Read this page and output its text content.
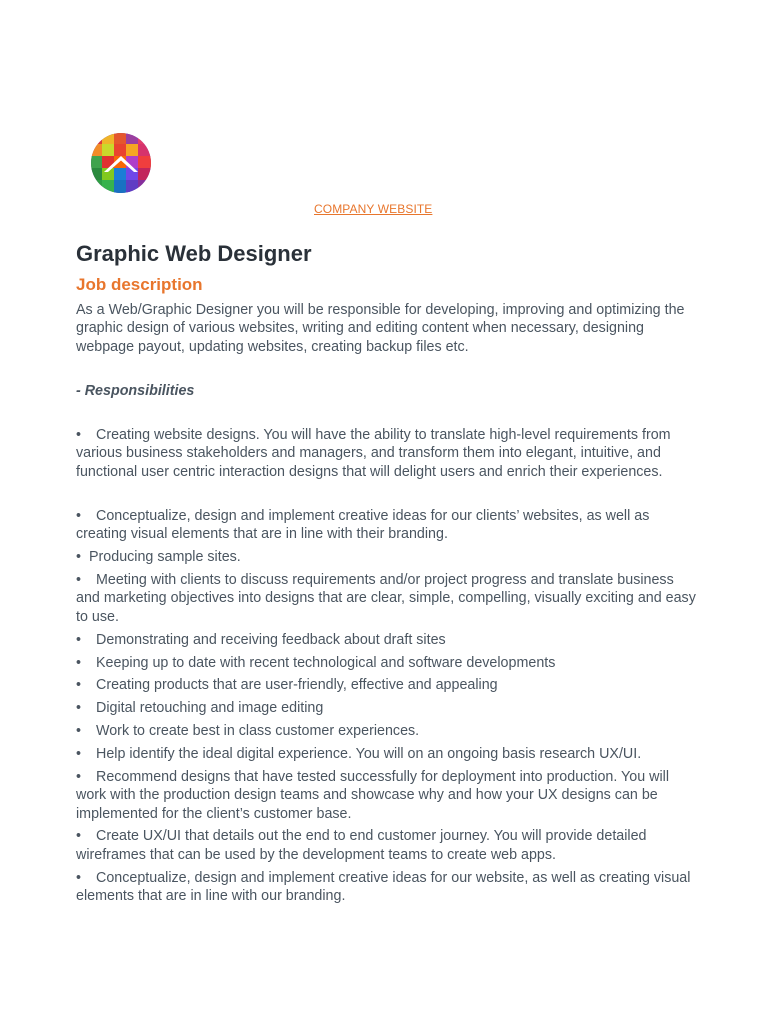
COMPANY WEBSITE
Graphic Web Designer
Job description

As a Web/Graphic Designer you will be responsible for developing, improving and optimizing the graphic design of various websites, writing and editing content when necessary, designing webpage payout, updating websites, creating backup files etc.

- Responsibilities

• Creating website designs. You will have the ability to translate high-level requirements from various business stakeholders and managers, and transform them into elegant, intuitive, and functional user centric interaction designs that will delight users and enrich their experiences.

• Conceptualize, design and implement creative ideas for our clients’ websites, as well as creating visual elements that are in line with their branding.

• Producing sample sites.

• Meeting with clients to discuss requirements and/or project progress and translate business and marketing objectives into designs that are clear, simple, compelling, visually exciting and easy to use.

• Demonstrating and receiving feedback about draft sites

• Keeping up to date with recent technological and software developments

• Creating products that are user-friendly, effective and appealing

• Digital retouching and image editing

• Work to create best in class customer experiences.

• Help identify the ideal digital experience. You will on an ongoing basis research UX/UI.

• Recommend designs that have tested successfully for deployment into production. You will work with the production design teams and showcase why and how your UX designs can be implemented for the client’s customer base.

• Create UX/UI that details out the end to end customer journey. You will provide detailed wireframes that can be used by the development teams to create web apps.

• Conceptualize, design and implement creative ideas for our website, as well as creating visual elements that are in line with our branding.
